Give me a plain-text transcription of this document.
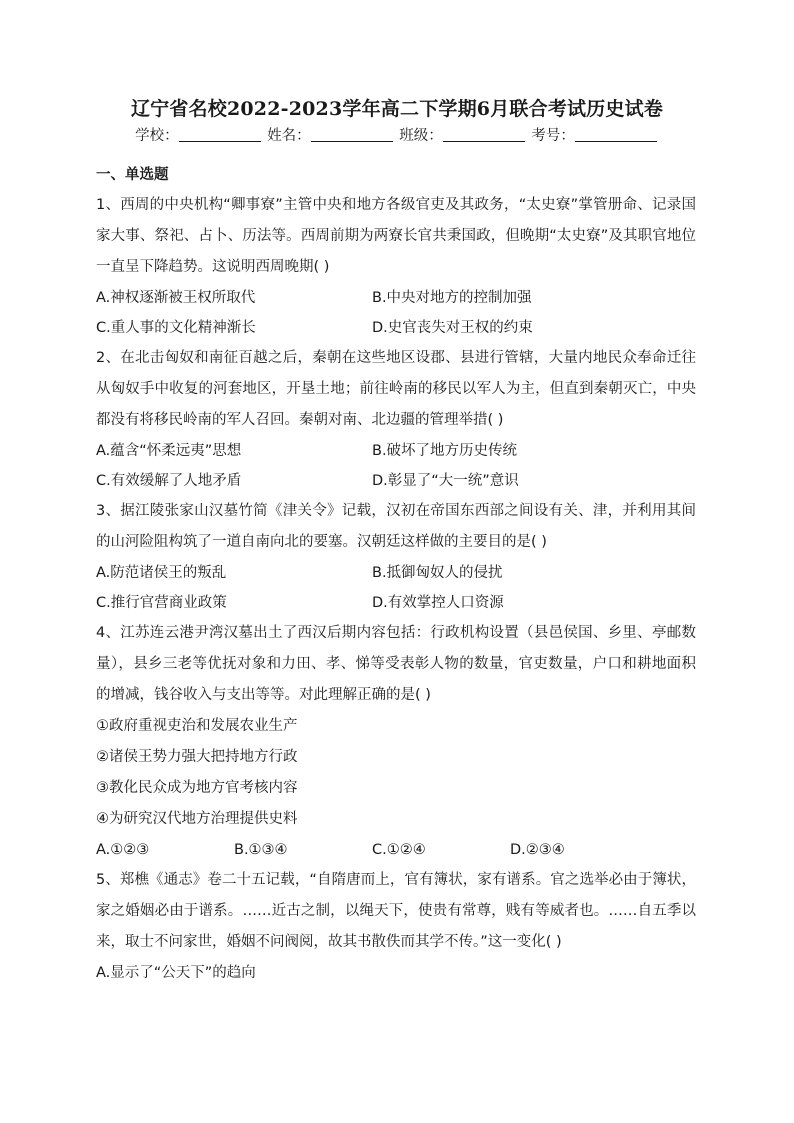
辽宁省名校2022-2023学年高二下学期6月联合考试历史试卷
学校：	姓名：	班级：	考号：

一、单选题

1、西周的中央机构“卿事寮”主管中央和地方各级官吏及其政务，“太史寮”掌管册命、记录国家大事、祭祀、占卜、历法等。西周前期为两寮长官共秉国政，但晚期“太史寮”及其职官地位一直呈下降趋势。这说明西周晚期( )

A.神权逐渐被王权所取代	B.中央对地方的控制加强
C.重人事的文化精神渐长	D.史官丧失对王权的约束

2、在北击匈奴和南征百越之后，秦朝在这些地区设郡、县进行管辖，大量内地民众奉命迁往从匈奴手中收复的河套地区，开垦土地；前往岭南的移民以军人为主，但直到秦朝灭亡，中央都没有将移民岭南的军人召回。秦朝对南、北边疆的管理举措( )

A.蕴含“怀柔远夷”思想	B.破坏了地方历史传统
C.有效缓解了人地矛盾	D.彰显了“大一统”意识

3、据江陵张家山汉墓竹简《津关令》记载，汉初在帝国东西部之间设有关、津，并利用其间的山河险阻构筑了一道自南向北的要塞。汉朝廷这样做的主要目的是( )

A.防范诸侯王的叛乱	B.抵御匈奴人的侵扰
C.推行官营商业政策	D.有效掌控人口资源

4、江苏连云港尹湾汉墓出土了西汉后期内容包括：行政机构设置（县邑侯国、乡里、亭邮数量），县乡三老等优抚对象和力田、孝、悌等受表彰人物的数量，官吏数量，户口和耕地面积的增减，钱谷收入与支出等等。对此理解正确的是( )

①政府重视吏治和发展农业生产

②诸侯王势力强大把持地方行政

③教化民众成为地方官考核内容

④为研究汉代地方治理提供史料

A.①②③	B.①③④	C.①②④	D.②③④

5、郑樵《通志》卷二十五记载，“自隋唐而上，官有簿状，家有谱系。官之选举必由于簿状，家之婚姻必由于谱系。……近古之制，以绳天下，使贵有常尊，贱有等威者也。……自五季以来，取士不问家世，婚姻不问阀阅，故其书散佚而其学不传。”这一变化( )

A.显示了“公天下”的趋向
